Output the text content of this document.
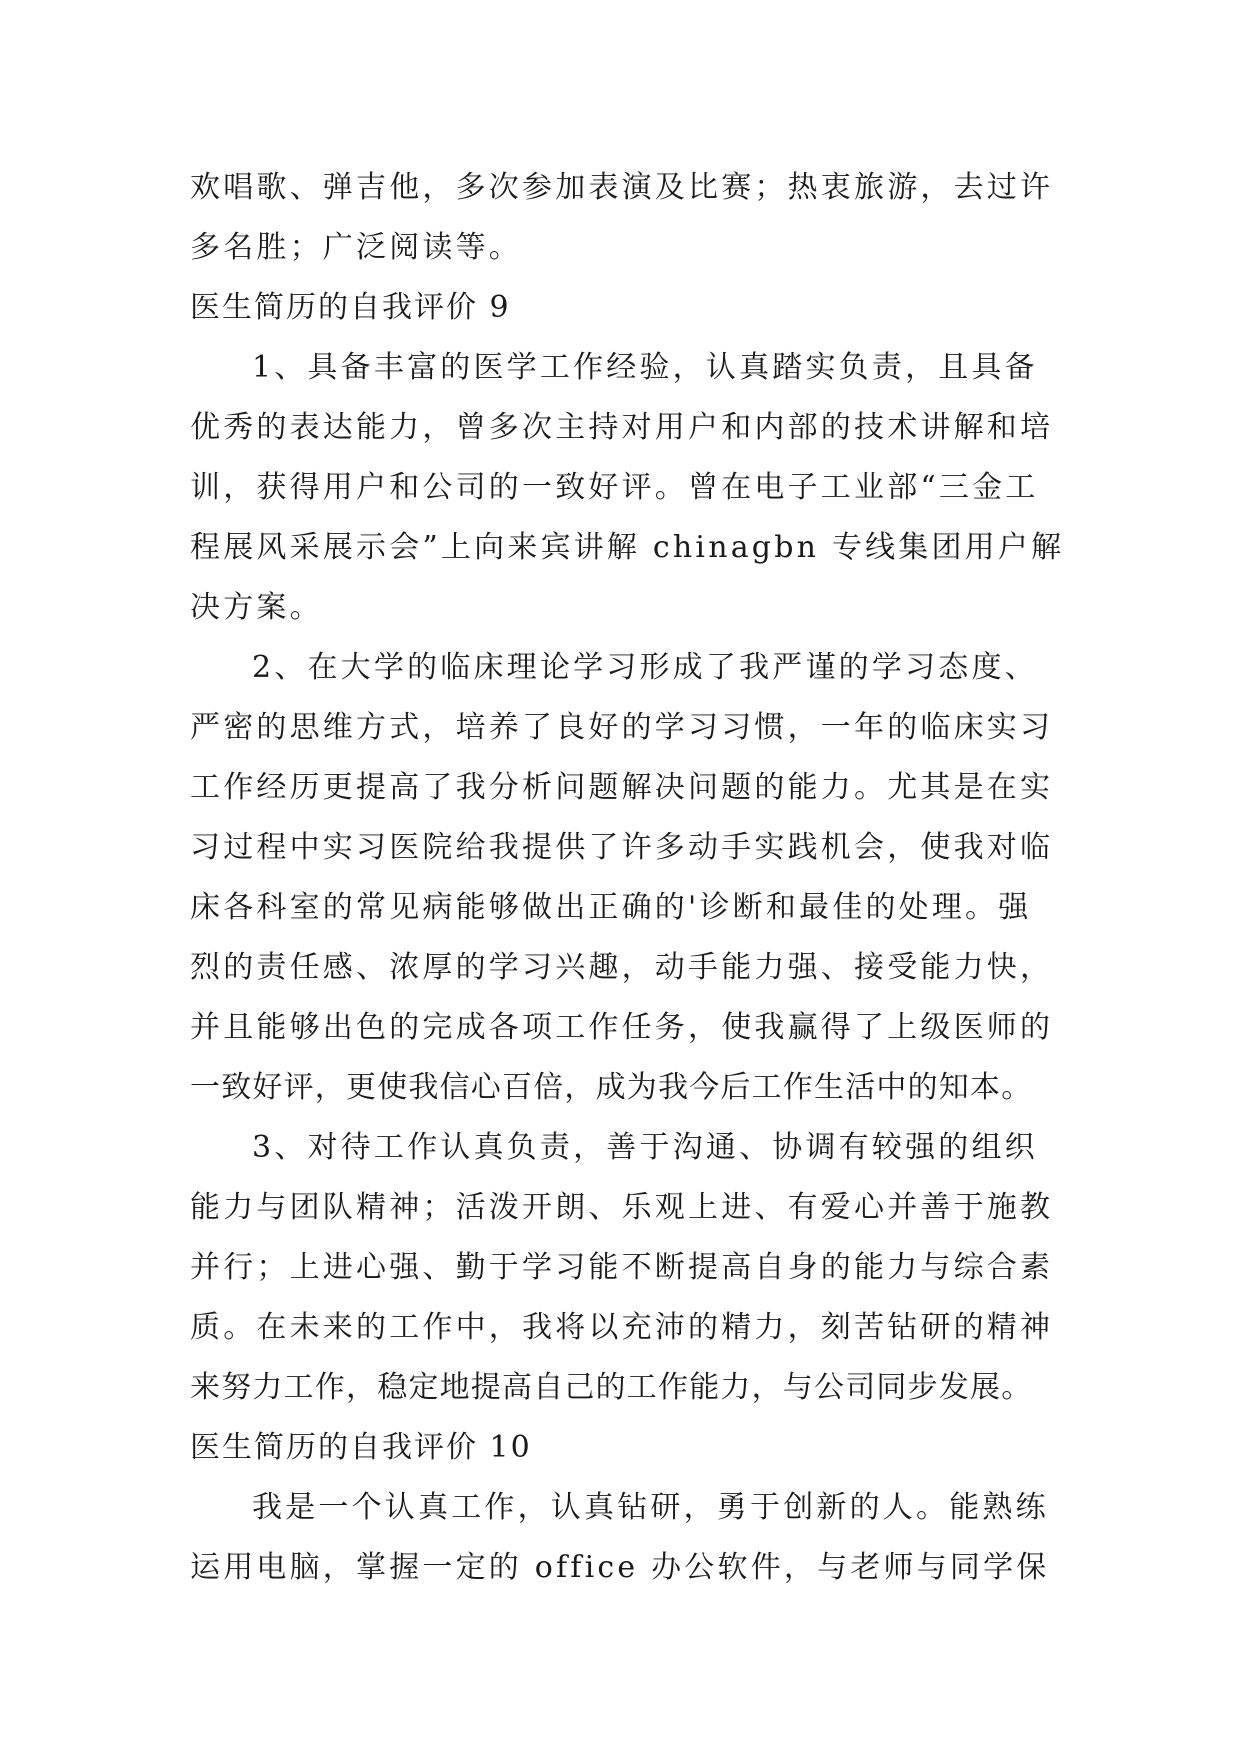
欢唱歌、弹吉他，多次参加表演及比赛；热衷旅游，去过许
多名胜；广泛阅读等。
医生简历的自我评价 9
1、具备丰富的医学工作经验，认真踏实负责，且具备
优秀的表达能力，曾多次主持对用户和内部的技术讲解和培
训，获得用户和公司的一致好评。曾在电子工业部“三金工
程展风采展示会”上向来宾讲解 chinagbn 专线集团用户解
决方案。
2、在大学的临床理论学习形成了我严谨的学习态度、
严密的思维方式，培养了良好的学习习惯，一年的临床实习
工作经历更提高了我分析问题解决问题的能力。尤其是在实
习过程中实习医院给我提供了许多动手实践机会，使我对临
床各科室的常见病能够做出正确的'诊断和最佳的处理。强
烈的责任感、浓厚的学习兴趣，动手能力强、接受能力快，
并且能够出色的完成各项工作任务，使我赢得了上级医师的
一致好评，更使我信心百倍，成为我今后工作生活中的知本。
3、对待工作认真负责，善于沟通、协调有较强的组织
能力与团队精神；活泼开朗、乐观上进、有爱心并善于施教
并行；上进心强、勤于学习能不断提高自身的能力与综合素
质。在未来的工作中，我将以充沛的精力，刻苦钻研的精神
来努力工作，稳定地提高自己的工作能力，与公司同步发展。
医生简历的自我评价 10
我是一个认真工作，认真钻研，勇于创新的人。能熟练
运用电脑，掌握一定的 office 办公软件，与老师与同学保
